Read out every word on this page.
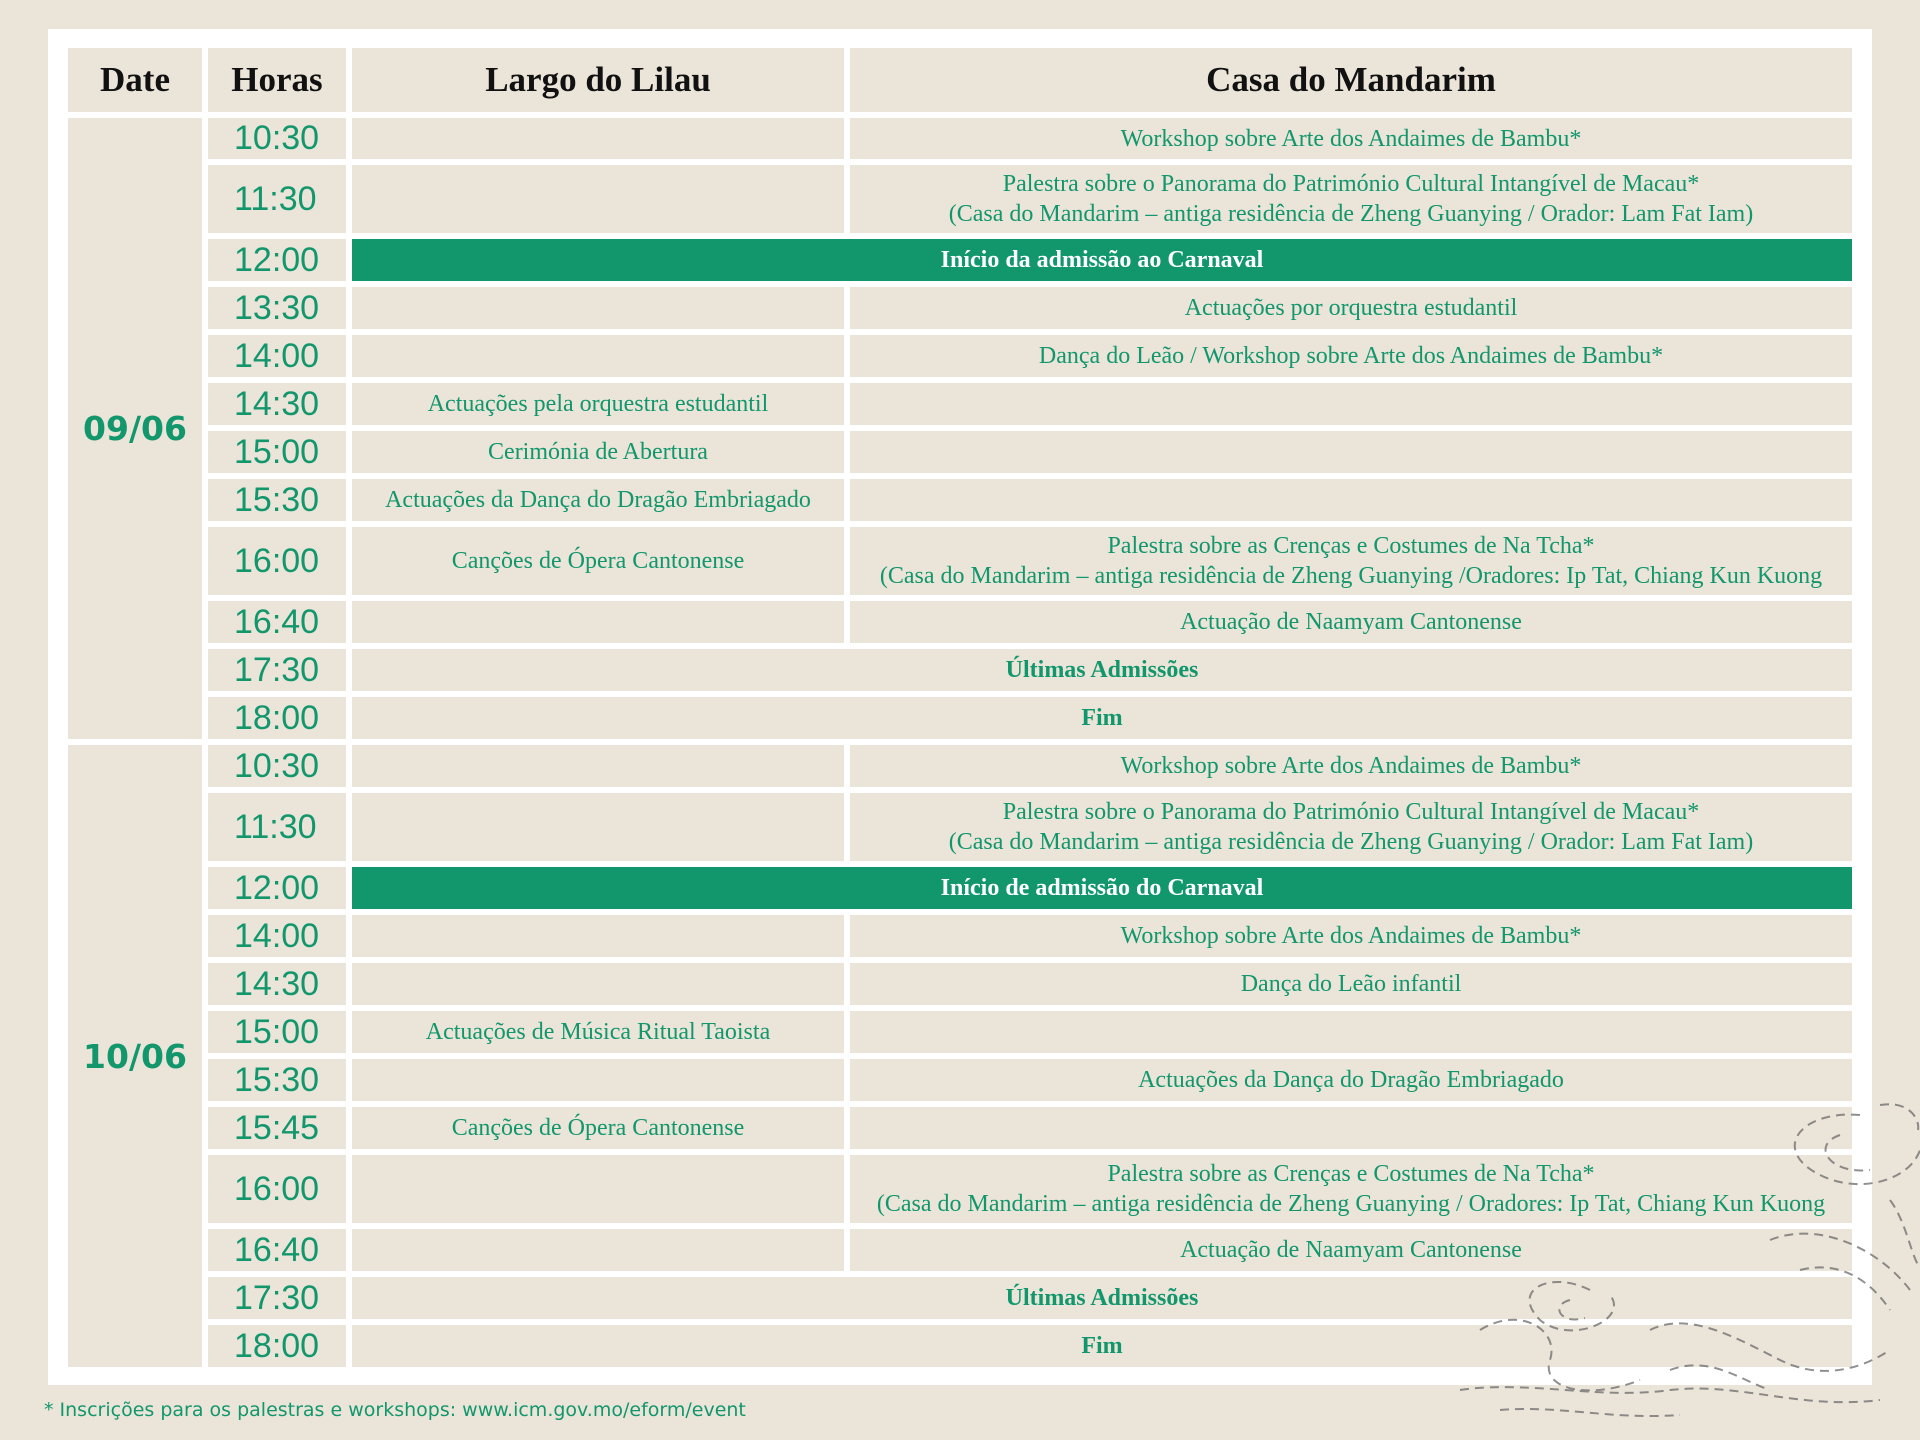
Date	Horas	Largo do Lilau	Casa do Mandarim
09/06	10:30		Workshop sobre Arte dos Andaimes de Bambu*
	11:30		Palestra sobre o Panorama do Património Cultural Intangível de Macau*
(Casa do Mandarim – antiga residência de Zheng Guanying / Orador: Lam Fat Iam)

	12:00	Início da admissão ao Carnaval	
	13:30		Actuações por orquestra estudantil
	14:00		Dança do Leão / Workshop sobre Arte dos Andaimes de Bambu*
	14:30	Actuações pela orquestra estudantil	
	15:00	Cerimónia de Abertura	
	15:30	Actuações da Dança do Dragão Embriagado	
	16:00	Canções de Ópera Cantonense	Palestra sobre as Crenças e Costumes de Na Tcha*
(Casa do Mandarim – antiga residência de Zheng Guanying /Oradores: Ip Tat, Chiang Kun Kuong

	16:40		Actuação de Naamyam Cantonense
	17:30	Últimas Admissões	
	18:00	Fim	
10/06	10:30		Workshop sobre Arte dos Andaimes de Bambu*
	11:30		Palestra sobre o Panorama do Património Cultural Intangível de Macau*
(Casa do Mandarim – antiga residência de Zheng Guanying / Orador: Lam Fat Iam)

	12:00	Início de admissão do Carnaval	
	14:00		Workshop sobre Arte dos Andaimes de Bambu*
	14:30		Dança do Leão infantil
	15:00	Actuações de Música Ritual Taoista	
	15:30		Actuações da Dança do Dragão Embriagado
	15:45	Canções de Ópera Cantonense	
	16:00		Palestra sobre as Crenças e Costumes de Na Tcha*
(Casa do Mandarim – antiga residência de Zheng Guanying / Oradores: Ip Tat, Chiang Kun Kuong

	16:40		Actuação de Naamyam Cantonense
	17:30	Últimas Admissões	
	18:00	Fim	
* Inscrições para os palestras e workshops: www.icm.gov.mo/eform/event
